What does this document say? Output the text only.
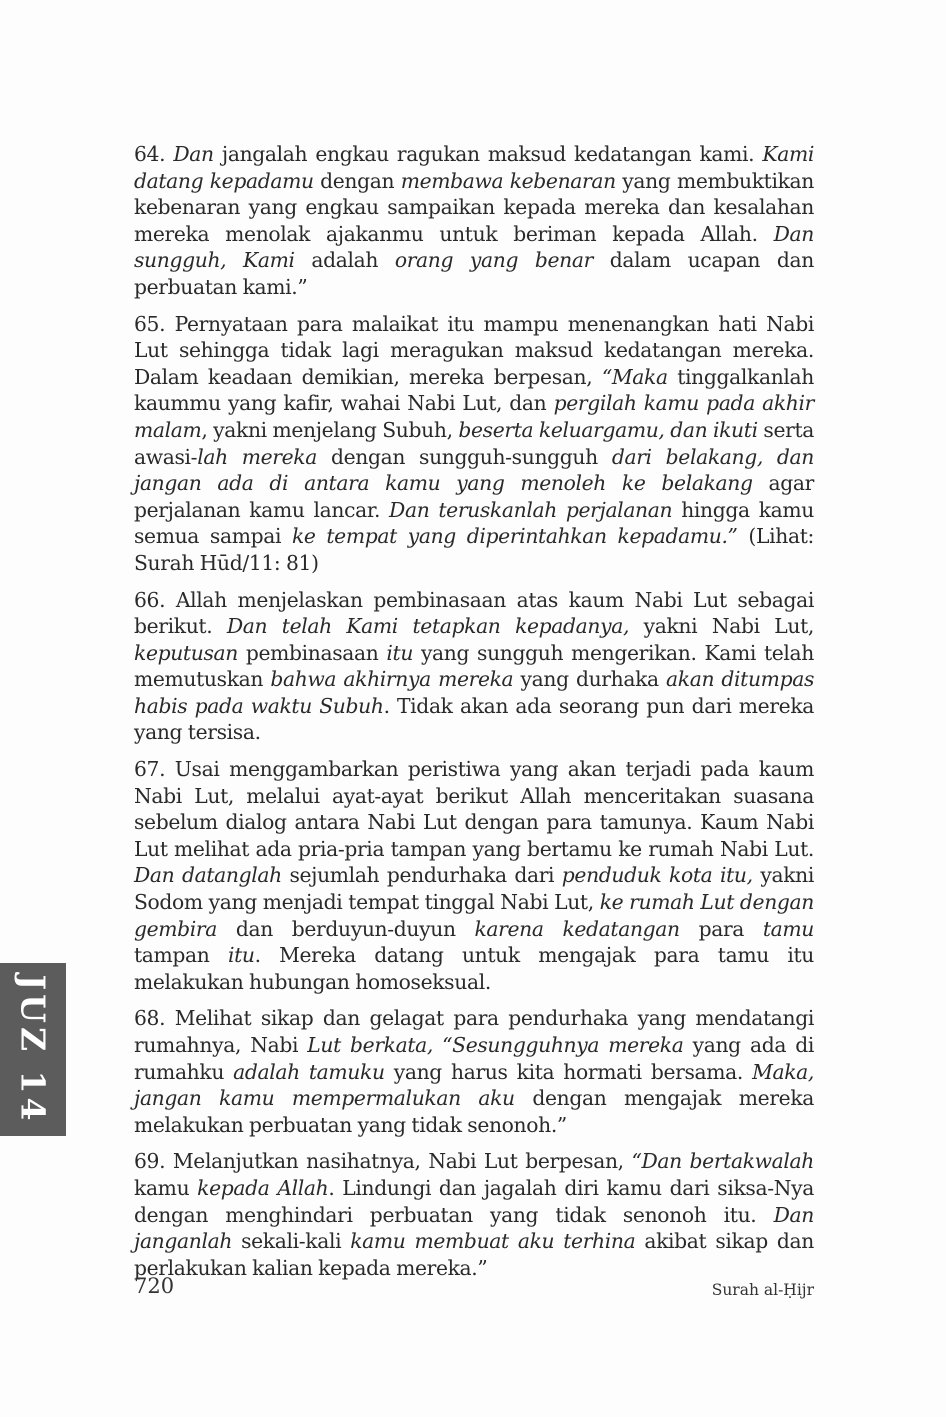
64. Dan jangalah engkau ragukan maksud kedatangan kami. Kami datang kepadamu dengan membawa kebenaran yang membuktikan kebenaran yang engkau sampaikan kepada mereka dan kesalahan mereka menolak ajakanmu untuk beriman kepada Allah. Dan sungguh, Kami adalah orang yang benar dalam ucapan dan perbuatan kami.”

65. Pernyataan para malaikat itu mampu menenangkan hati Nabi Lut sehingga tidak lagi meragukan maksud kedatangan mereka. Dalam keadaan demikian, mereka berpesan, “Maka tinggalkanlah kaummu yang kafir, wahai Nabi Lut, dan pergilah kamu pada akhir malam, yakni menjelang Subuh, beserta keluargamu, dan ikuti serta awasi-lah mereka dengan sungguh-sungguh dari belakang, dan jangan ada di antara kamu yang menoleh ke belakang agar perjalanan kamu lancar. Dan teruskanlah perjalanan hingga kamu semua sampai ke tempat yang diperintahkan kepadamu.” (Lihat: Surah Hūd/11: 81)

66. Allah menjelaskan pembinasaan atas kaum Nabi Lut sebagai berikut. Dan telah Kami tetapkan kepadanya, yakni Nabi Lut, keputusan pembinasaan itu yang sungguh mengerikan. Kami telah memutuskan bahwa akhirnya mereka yang durhaka akan ditumpas habis pada waktu Subuh. Tidak akan ada seorang pun dari mereka yang tersisa.

67. Usai menggambarkan peristiwa yang akan terjadi pada kaum Nabi Lut, melalui ayat-ayat berikut Allah menceritakan suasana sebelum dialog antara Nabi Lut dengan para tamunya. Kaum Nabi Lut melihat ada pria-pria tampan yang bertamu ke rumah Nabi Lut. Dan datanglah sejumlah pendurhaka dari penduduk kota itu, yakni Sodom yang menjadi tempat tinggal Nabi Lut, ke rumah Lut dengan gembira dan berduyun-duyun karena kedatangan para tamu tampan itu. Mereka datang untuk mengajak para tamu itu melakukan hubungan homoseksual.

68. Melihat sikap dan gelagat para pendurhaka yang mendatangi rumahnya, Nabi Lut berkata, “Sesungguhnya mereka yang ada di rumahku adalah tamuku yang harus kita hormati bersama. Maka, jangan kamu mempermalukan aku dengan mengajak mereka melakukan perbuatan yang tidak senonoh.”

69. Melanjutkan nasihatnya, Nabi Lut berpesan, “Dan bertakwalah kamu kepada Allah. Lindungi dan jagalah diri kamu dari siksa-Nya dengan menghindari perbuatan yang tidak senonoh itu. Dan janganlah sekali-kali kamu membuat aku terhina akibat sikap dan perlakukan kalian kepada mereka.”

JUZ 14
720	Surah al-Ḥijr
